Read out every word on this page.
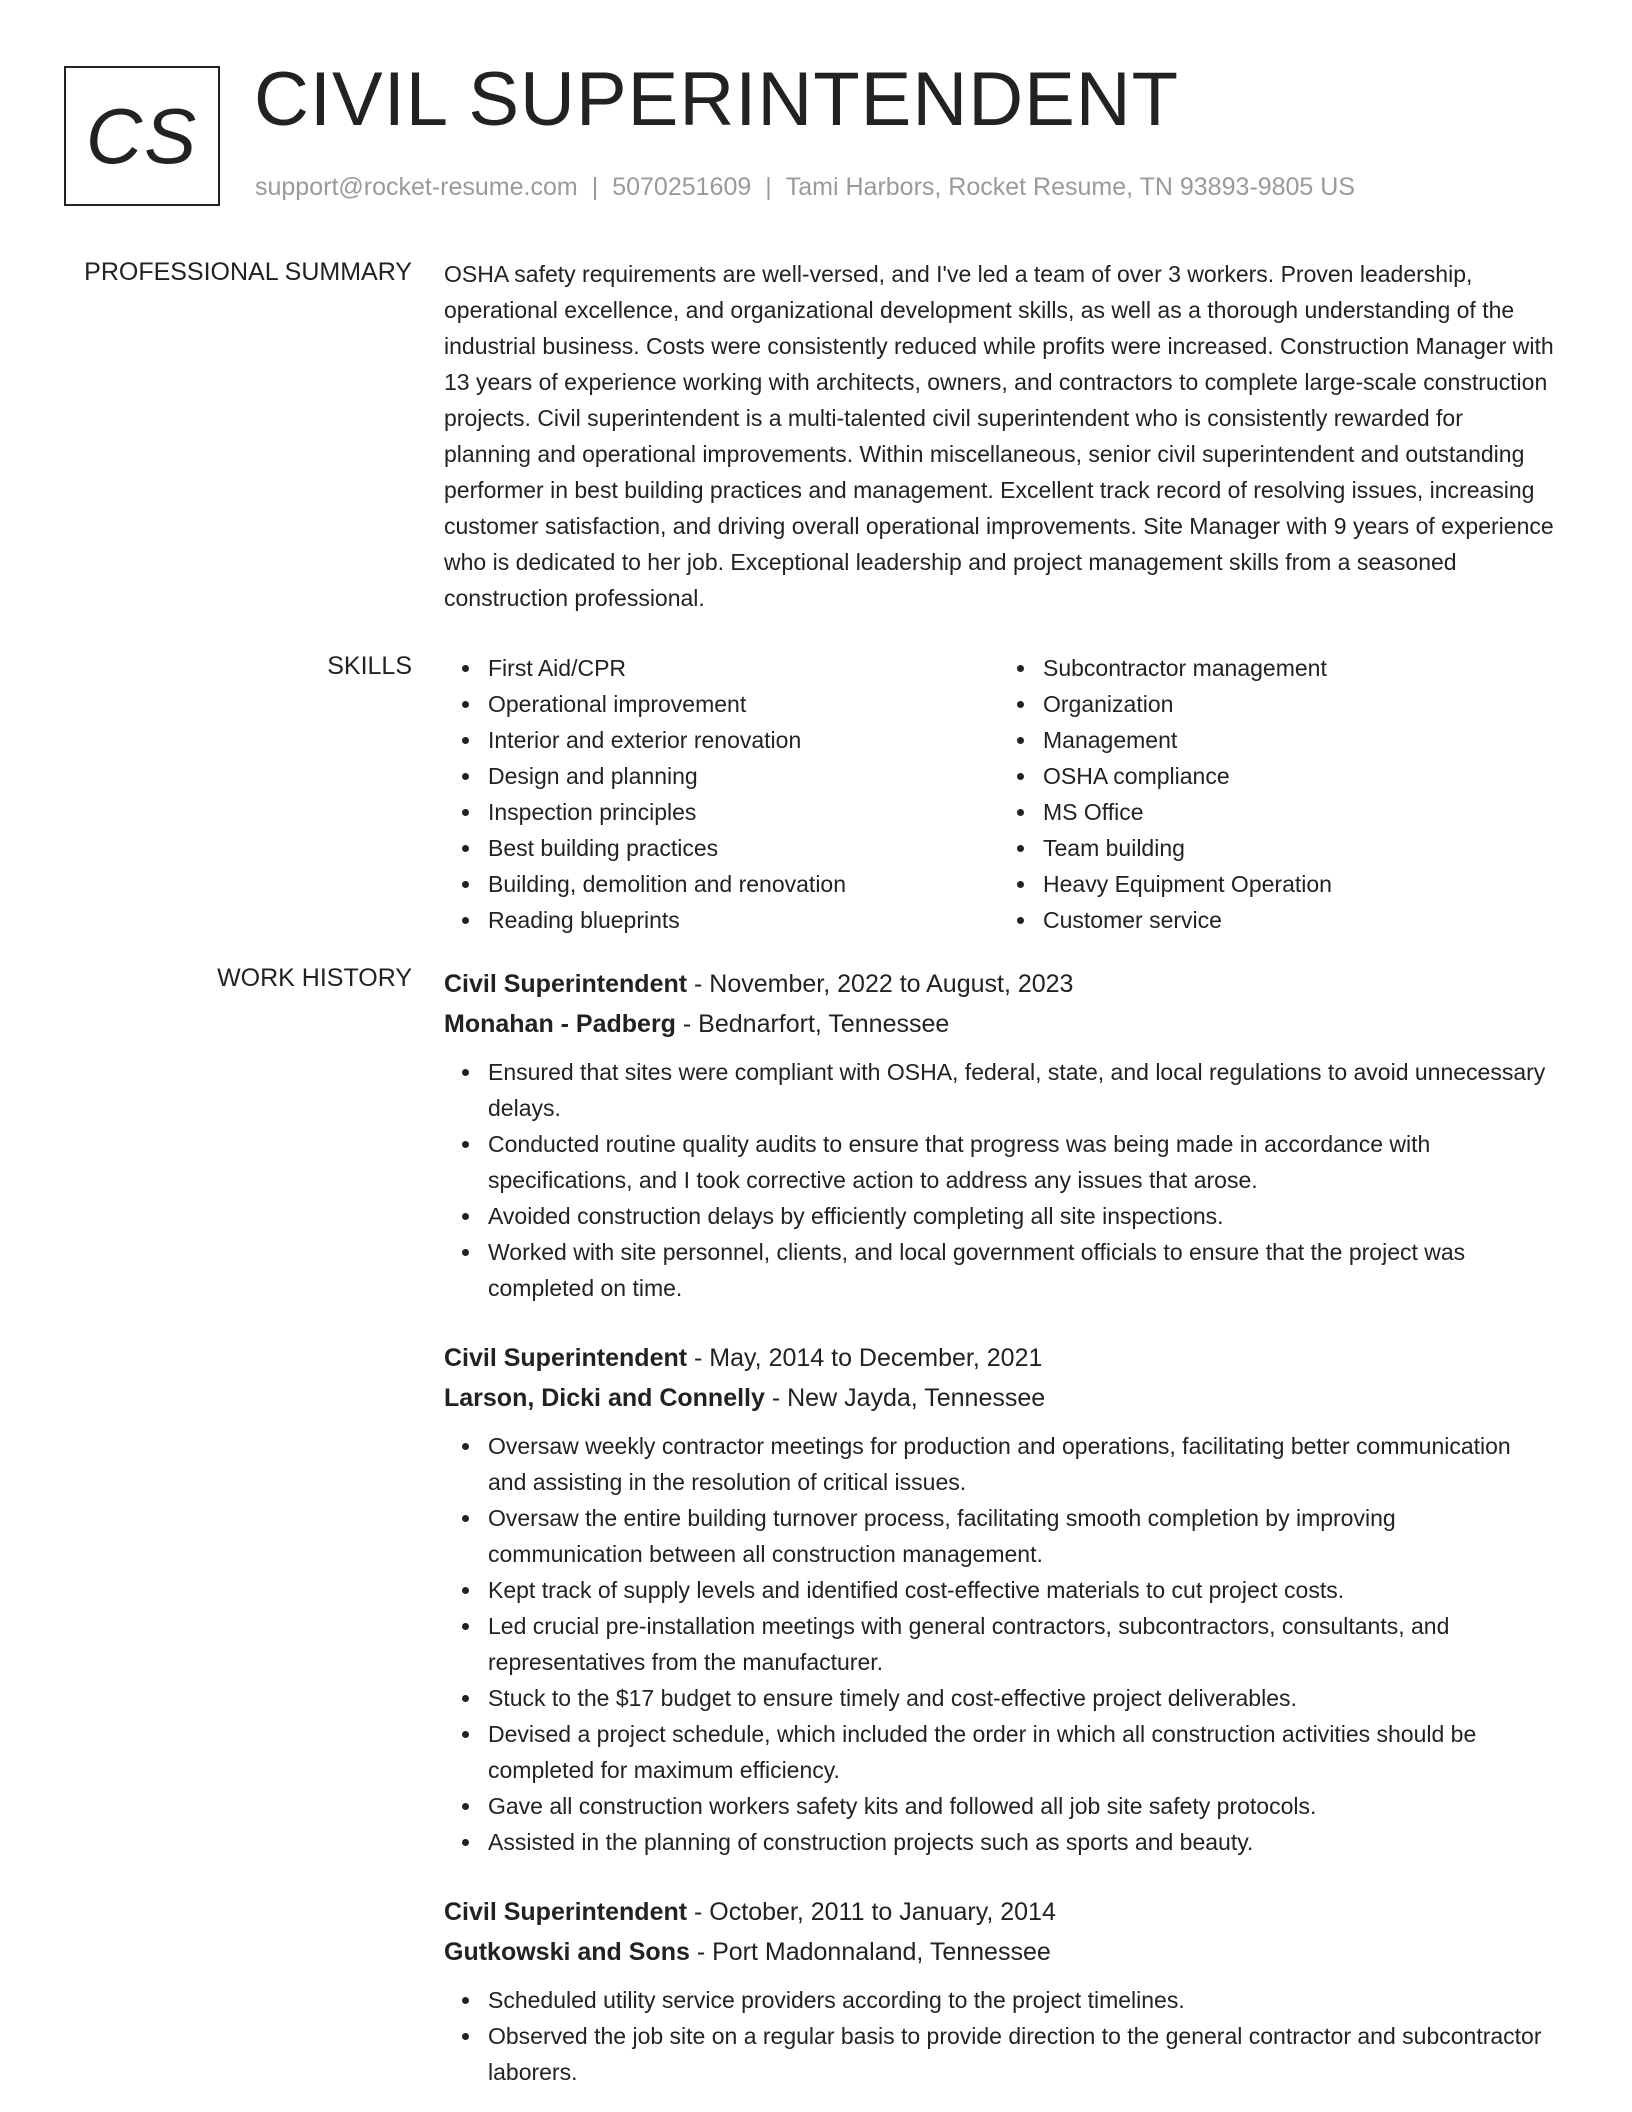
CS CIVIL SUPERINTENDENT
support@rocket-resume.com | 5070251609 | Tami Harbors, Rocket Resume, TN 93893-9805 US
PROFESSIONAL SUMMARY OSHA safety requirements are well-versed, and I've led a team of over 3 workers. Proven leadership, operational excellence, and organizational development skills, as well as a thorough understanding of the industrial business. Costs were consistently reduced while profits were increased. Construction Manager with 13 years of experience working with architects, owners, and contractors to complete large-scale construction projects. Civil superintendent is a multi-talented civil superintendent who is consistently rewarded for planning and operational improvements. Within miscellaneous, senior civil superintendent and outstanding performer in best building practices and management. Excellent track record of resolving issues, increasing customer satisfaction, and driving overall operational improvements. Site Manager with 9 years of experience who is dedicated to her job. Exceptional leadership and project management skills from a seasoned construction professional.

SKILLS	First Aid/CPR
Operational improvement
Interior and exterior renovation
Design and planning
Inspection principles
Best building practices
Building, demolition and renovation
Reading blueprints
Subcontractor management
Organization
Management
OSHA compliance
MS Office
Team building
Heavy Equipment Operation
Customer service
WORK HISTORY Civil Superintendent - November, 2022 to August, 2023
Monahan - Padberg - Bednarfort, Tennessee
Ensured that sites were compliant with OSHA, federal, state, and local regulations to avoid unnecessary delays.
Conducted routine quality audits to ensure that progress was being made in accordance with specifications, and I took corrective action to address any issues that arose.
Avoided construction delays by efficiently completing all site inspections.
Worked with site personnel, clients, and local government officials to ensure that the project was completed on time.
Civil Superintendent - May, 2014 to December, 2021
Larson, Dicki and Connelly - New Jayda, Tennessee
Oversaw weekly contractor meetings for production and operations, facilitating better communication and assisting in the resolution of critical issues.
Oversaw the entire building turnover process, facilitating smooth completion by improving communication between all construction management.
Kept track of supply levels and identified cost-effective materials to cut project costs.
Led crucial pre-installation meetings with general contractors, subcontractors, consultants, and representatives from the manufacturer.
Stuck to the $17 budget to ensure timely and cost-effective project deliverables.
Devised a project schedule, which included the order in which all construction activities should be completed for maximum efficiency.
Gave all construction workers safety kits and followed all job site safety protocols.
Assisted in the planning of construction projects such as sports and beauty.
Civil Superintendent - October, 2011 to January, 2014
Gutkowski and Sons - Port Madonnaland, Tennessee
Scheduled utility service providers according to the project timelines.
Observed the job site on a regular basis to provide direction to the general contractor and subcontractor laborers.
